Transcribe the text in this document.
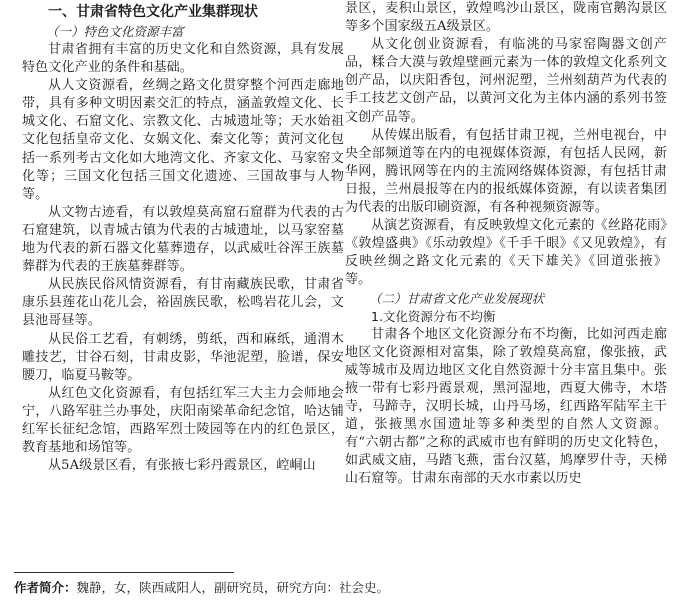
一、甘肃省特色文化产业集群现状
（一）特色文化资源丰富

甘肃省拥有丰富的历史文化和自然资源，具有发展特色文化产业的条件和基础。

从人文资源看，丝绸之路文化贯穿整个河西走廊地带，具有多种文明因素交汇的特点，涵盖敦煌文化、长城文化、石窟文化、宗教文化、古城遗址等；天水始祖文化包括皇帝文化、女娲文化、秦文化等；黄河文化包括一系列考古文化如大地湾文化、齐家文化、马家窑文化等；三国文化包括三国文化遗迹、三国故事与人物等。

从文物古迹看，有以敦煌莫高窟石窟群为代表的古石窟建筑，以青城古镇为代表的古城遗址，以马家窑墓地为代表的新石器文化墓葬遗存，以武威吐谷浑王族墓葬群为代表的王族墓葬群等。

从民族民俗风情资源看，有甘南藏族民歌，甘肃省康乐县莲花山花儿会，裕固族民歌，松鸣岩花儿会，文县池哥昼等。

从民俗工艺看，有刺绣，剪纸，西和麻纸，通渭木雕技艺，甘谷石刻，甘肃皮影，华池泥塑，脸谱，保安腰刀，临夏马鞍等。

从红色文化资源看，有包括红军三大主力会师地会宁，八路军驻兰办事处，庆阳南梁革命纪念馆，哈达铺红军长征纪念馆，西路军烈士陵园等在内的红色景区，教育基地和场馆等。

从5A级景区看，有张掖七彩丹霞景区，崆峒山

景区，麦积山景区，敦煌鸣沙山景区，陇南官鹅沟景区等多个国家级五A级景区。

从文化创业资源看，有临洮的马家窑陶器文创产品，糅合大漠与敦煌壁画元素为一体的敦煌文化系列文创产品，以庆阳香包，河州泥塑，兰州刻葫芦为代表的手工技艺文创产品，以黄河文化为主体内涵的系列书签文创产品等。

从传媒出版看，有包括甘肃卫视，兰州电视台，中央全部频道等在内的电视媒体资源，有包括人民网，新华网，腾讯网等在内的主流网络媒体资源，有包括甘肃日报，兰州晨报等在内的报纸媒体资源，有以读者集团为代表的出版印刷资源，有各种视频资源等。

从演艺资源看，有反映敦煌文化元素的《丝路花雨》《敦煌盛典》《乐动敦煌》《千手千眼》《又见敦煌》，有反映丝绸之路文化元素的《天下雄关》《回道张掖》等。

（二）甘肃省文化产业发展现状
1.文化资源分布不均衡

甘肃各个地区文化资源分布不均衡，比如河西走廊地区文化资源相对富集，除了敦煌莫高窟，像张掖，武威等城市及周边地区文化自然资源十分丰富且集中。张掖一带有七彩丹霞景观，黑河湿地，西夏大佛寺，木塔寺，马蹄寺，汉明长城，山丹马场，红西路军陆军主干道，张掖黑水国遗址等多种类型的自然人文资源。有“六朝古都”之称的武威市也有鲜明的历史文化特色，如武威文庙，马踏飞燕，雷台汉墓，鸠摩罗什寺，天梯山石窟等。甘肃东南部的天水市素以历史

作者简介：魏静，女，陕西咸阳人，副研究员，研究方向：社会史。
